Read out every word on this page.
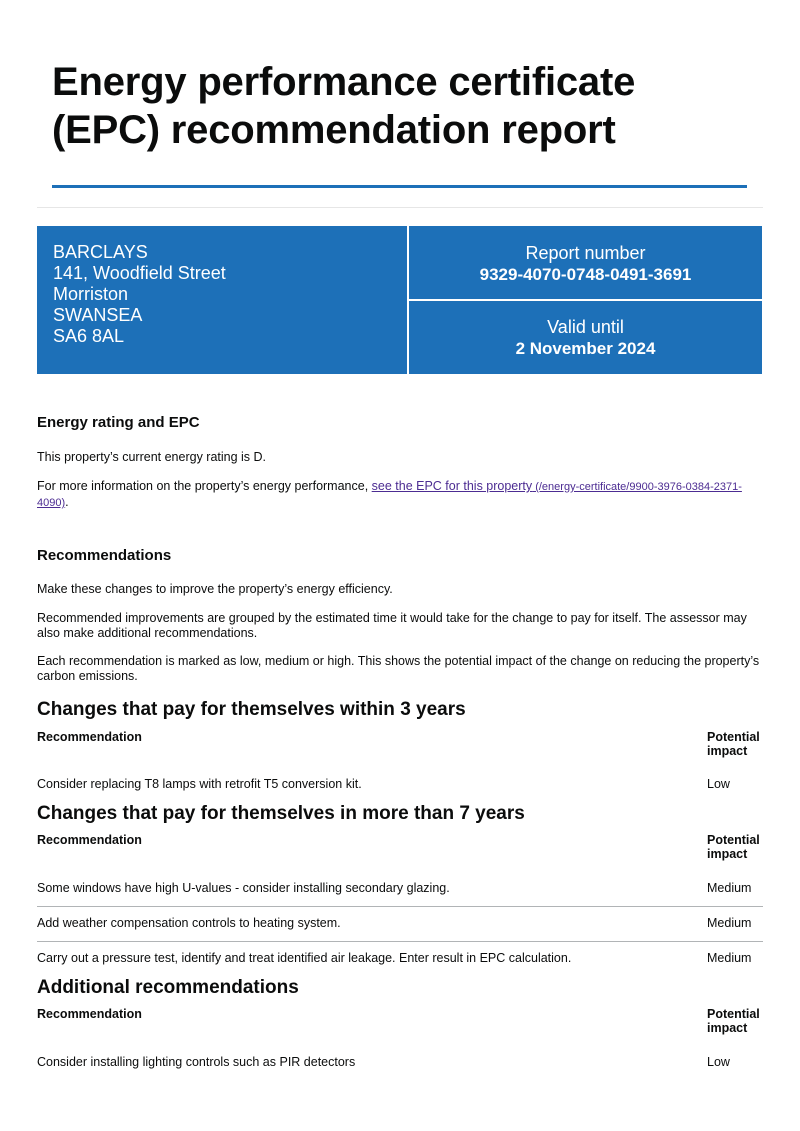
Energy performance certificate (EPC) recommendation report
BARCLAYS
141, Woodfield Street
Morriston
SWANSEA
SA6 8AL
Report number
9329-4070-0748-0491-3691
Valid until
2 November 2024
Energy rating and EPC

This property’s current energy rating is D.

For more information on the property’s energy performance, see the EPC for this property (/energy-certificate/9900-3976-0384-2371-4090).

Recommendations

Make these changes to improve the property’s energy efficiency.

Recommended improvements are grouped by the estimated time it would take for the change to pay for itself. The assessor may also make additional recommendations.

Each recommendation is marked as low, medium or high. This shows the potential impact of the change on reducing the property’s carbon emissions.

Changes that pay for themselves within 3 years
Recommendation	Potential impact
Consider replacing T8 lamps with retrofit T5 conversion kit.	Low
Changes that pay for themselves in more than 7 years
Recommendation	Potential impact
Some windows have high U-values - consider installing secondary glazing.	Medium
Add weather compensation controls to heating system.	Medium
Carry out a pressure test, identify and treat identified air leakage. Enter result in EPC calculation.	Medium
Additional recommendations
Recommendation	Potential impact
Consider installing lighting controls such as PIR detectors	Low
